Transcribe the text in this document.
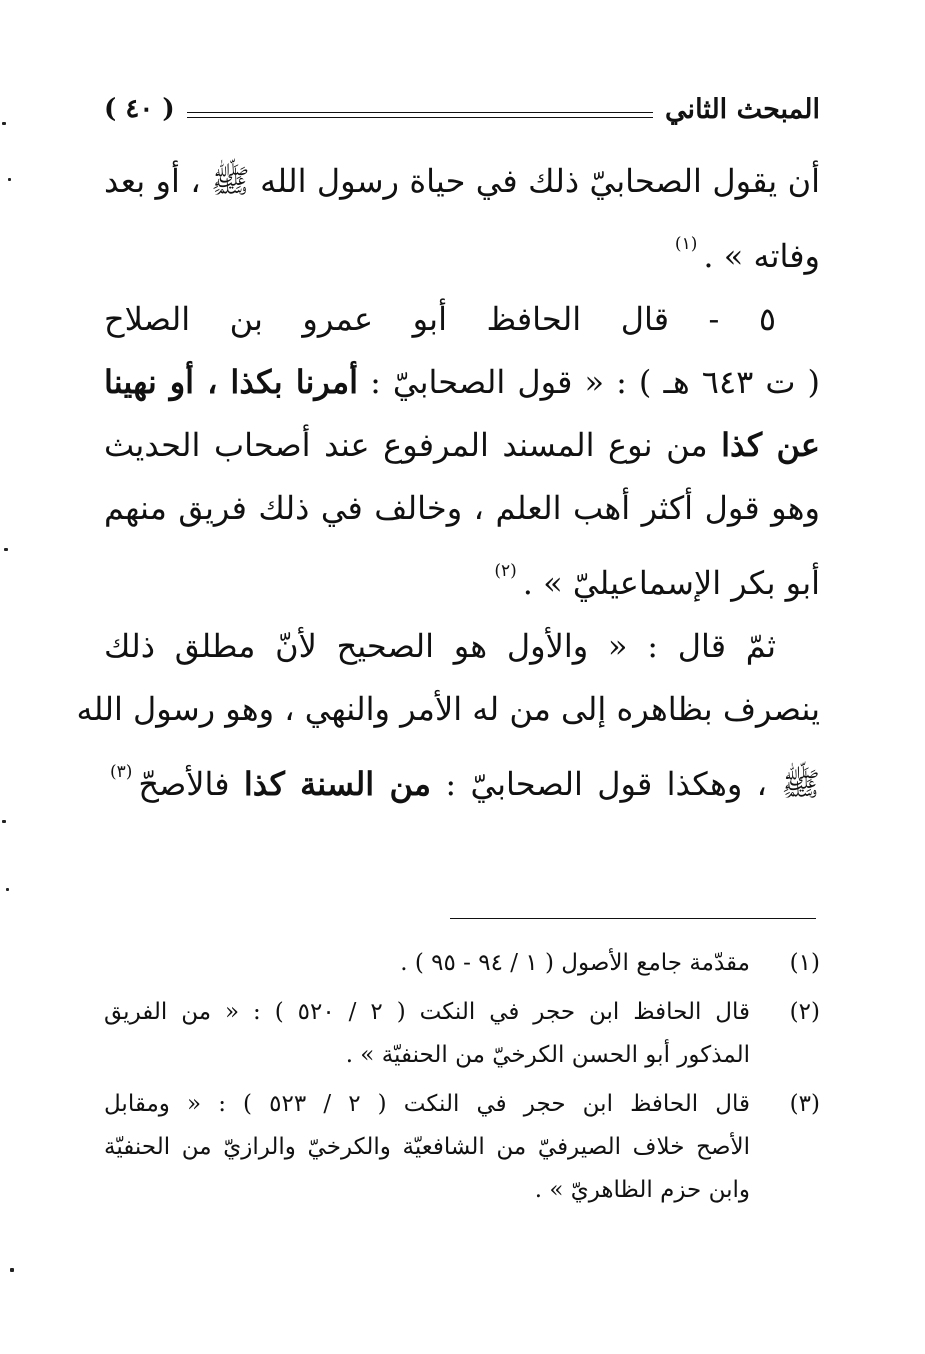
المبحث الثاني
( ٤٠ )

أن يقول الصحابيّ ذلك في حياة رسول الله ﷺ ، أو بعد
وفاته » .$^{(١)}$

٥ - قال الحافظ أبو عمرو بن الصلاح
( ت ٦٤٣ هـ ) : « قول الصحابيّ : أمرنا بكذا ، أو نهينا
عن كذا من نوع المسند المرفوع عند أصحاب الحديث
وهو قول أكثر أهب العلم ، وخالف في ذلك فريق منهم
أبو بكر الإسماعيليّ » .$^{(٢)}$

ثمّ قال : « والأول هو الصحيح لأنّ مطلق ذلك
ينصرف بظاهره إلى من له الأمر والنهي ، وهو رسول الله
ﷺ ، وهكذا قول الصحابيّ : من السنة كذا فالأصحّ$^{(٣)}$

(١)
مقدّمة جامع الأصول ( ١ / ٩٤ - ٩٥ ) .
(٢)
قال الحافظ ابن حجر في النكت ( ٢ / ٥٢٠ ) : « من الفريق
المذكور أبو الحسن الكرخيّ من الحنفيّة » .
(٣)
قال الحافظ ابن حجر في النكت ( ٢ / ٥٢٣ ) : « ومقابل
الأصح خلاف الصيرفيّ من الشافعيّة والكرخيّ والرازيّ من الحنفيّة
وابن حزم الظاهريّ » .
